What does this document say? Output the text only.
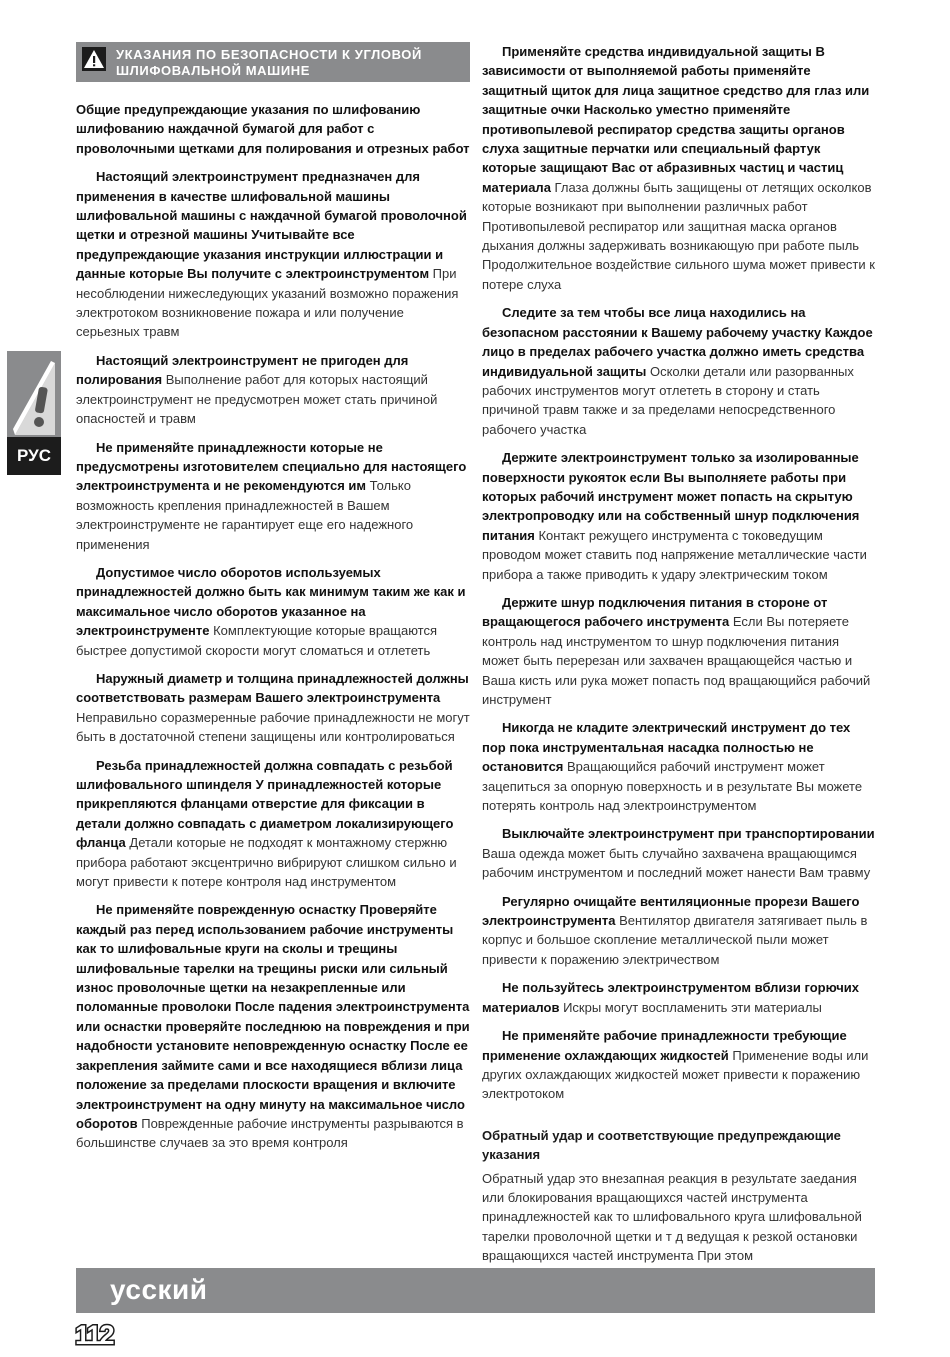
РУС
УКАЗАНИЯ ПО БЕЗОПАСНОСТИ К УГЛОВОЙ
ШЛИФОВАЛЬНОЙ МАШИНЕ

Общие предупреждающие указания по шлифованию шлифованию наждачной бумагой для работ с проволочными щетками для полирования и отрезных работ

Настоящий электроинструмент предназначен для применения в качестве шлифовальной машины шлифовальной машины с наждачной бумагой проволочной щетки и отрезной машины Учитывайте все предупреждающие указания инструкции иллюстрации и данные которые Вы получите с электроинструментом При несоблюдении нижеследующих указаний возможно поражения электротоком возникновение пожара и или получение серьезных травм

Настоящий электроинструмент не пригоден для полирования Выполнение работ для которых настоящий электроинструмент не предусмотрен может стать причиной опасностей и травм

Не применяйте принадлежности которые не предусмотрены изготовителем специально для настоящего электроинструмента и не рекомендуются им Только возможность крепления принадлежностей в Вашем электроинструменте не гарантирует еще его надежного применения

Допустимое число оборотов используемых принадлежностей должно быть как минимум таким же как и максимальное число оборотов указанное на электроинструменте Комплектующие которые вращаются быстрее допустимой скорости могут сломаться и отлететь

Наружный диаметр и толщина принадлежностей должны соответствовать размерам Вашего электроинструмента Неправильно соразмеренные рабочие принадлежности не могут быть в достаточной степени защищены или контролироваться

Резьба принадлежностей должна совпадать с резьбой шлифовального шпинделя У принадлежностей которые прикрепляются фланцами отверстие для фиксации в детали должно совпадать с диаметром локализирующего фланца Детали которые не подходят к монтажному стержню прибора работают эксцентрично вибрируют слишком сильно и могут привести к потере контроля над инструментом

Не применяйте поврежденную оснастку Проверяйте каждый раз перед использованием рабочие инструменты как то шлифовальные круги на сколы и трещины шлифовальные тарелки на трещины риски или сильный износ проволочные щетки на незакрепленные или поломанные проволоки После падения электроинструмента или оснастки проверяйте последнюю на повреждения и при надобности установите неповрежденную оснастку После ее закрепления займите сами и все находящиеся вблизи лица положение за пределами плоскости вращения и включите электроинструмент на одну минуту на максимальное число оборотов Поврежденные рабочие инструменты разрываются в большинстве случаев за это время контроля

Применяйте средства индивидуальной защиты В зависимости от выполняемой работы применяйте защитный щиток для лица защитное средство для глаз или защитные очки Насколько уместно применяйте противопылевой респиратор средства защиты органов слуха защитные перчатки или специальный фартук которые защищают Вас от абразивных частиц и частиц материала Глаза должны быть защищены от летящих осколков которые возникают при выполнении различных работ Противопылевой респиратор или защитная маска органов дыхания должны задерживать возникающую при работе пыль Продолжительное воздействие сильного шума может привести к потере слуха

Следите за тем чтобы все лица находились на безопасном расстоянии к Вашему рабочему участку Каждое лицо в пределах рабочего участка должно иметь средства индивидуальной защиты Осколки детали или разорванных рабочих инструментов могут отлететь в сторону и стать причиной травм также и за пределами непосредственного рабочего участка

Держите электроинструмент только за изолированные поверхности рукояток если Вы выполняете работы при которых рабочий инструмент может попасть на скрытую электропроводку или на собственный шнур подключения питания Контакт режущего инструмента с токоведущим проводом может ставить под напряжение металлические части прибора а также приводить к удару электрическим током

Держите шнур подключения питания в стороне от вращающегося рабочего инструмента Если Вы потеряете контроль над инструментом то шнур подключения питания может быть перерезан или захвачен вращающейся частью и Ваша кисть или рука может попасть под вращающийся рабочий инструмент

Никогда не кладите электрический инструмент до тех пор пока инструментальная насадка полностью не остановится Вращающийся рабочий инструмент может зацепиться за опорную поверхность и в результате Вы можете потерять контроль над электроинструментом

Выключайте электроинструмент при транспортировании Ваша одежда может быть случайно захвачена вращающимся рабочим инструментом и последний может нанести Вам травму

Регулярно очищайте вентиляционные прорези Вашего электроинструмента Вентилятор двигателя затягивает пыль в корпус и большое скопление металлической пыли может привести к поражению электричеством

Не пользуйтесь электроинструментом вблизи горючих материалов Искры могут воспламенить эти материалы

Не применяйте рабочие принадлежности требующие применение охлаждающих жидкостей Применение воды или других охлаждающих жидкостей может привести к поражению электротоком

Обратный удар и соответствующие предупреждающие указания

Обратный удар это внезапная реакция в результате заедания или блокирования вращающихся частей инструмента принадлежностей как то шлифовального круга шлифовальной тарелки проволочной щетки и т д ведущая к резкой остановки вращающихся частей инструмента При этом

усский
112
